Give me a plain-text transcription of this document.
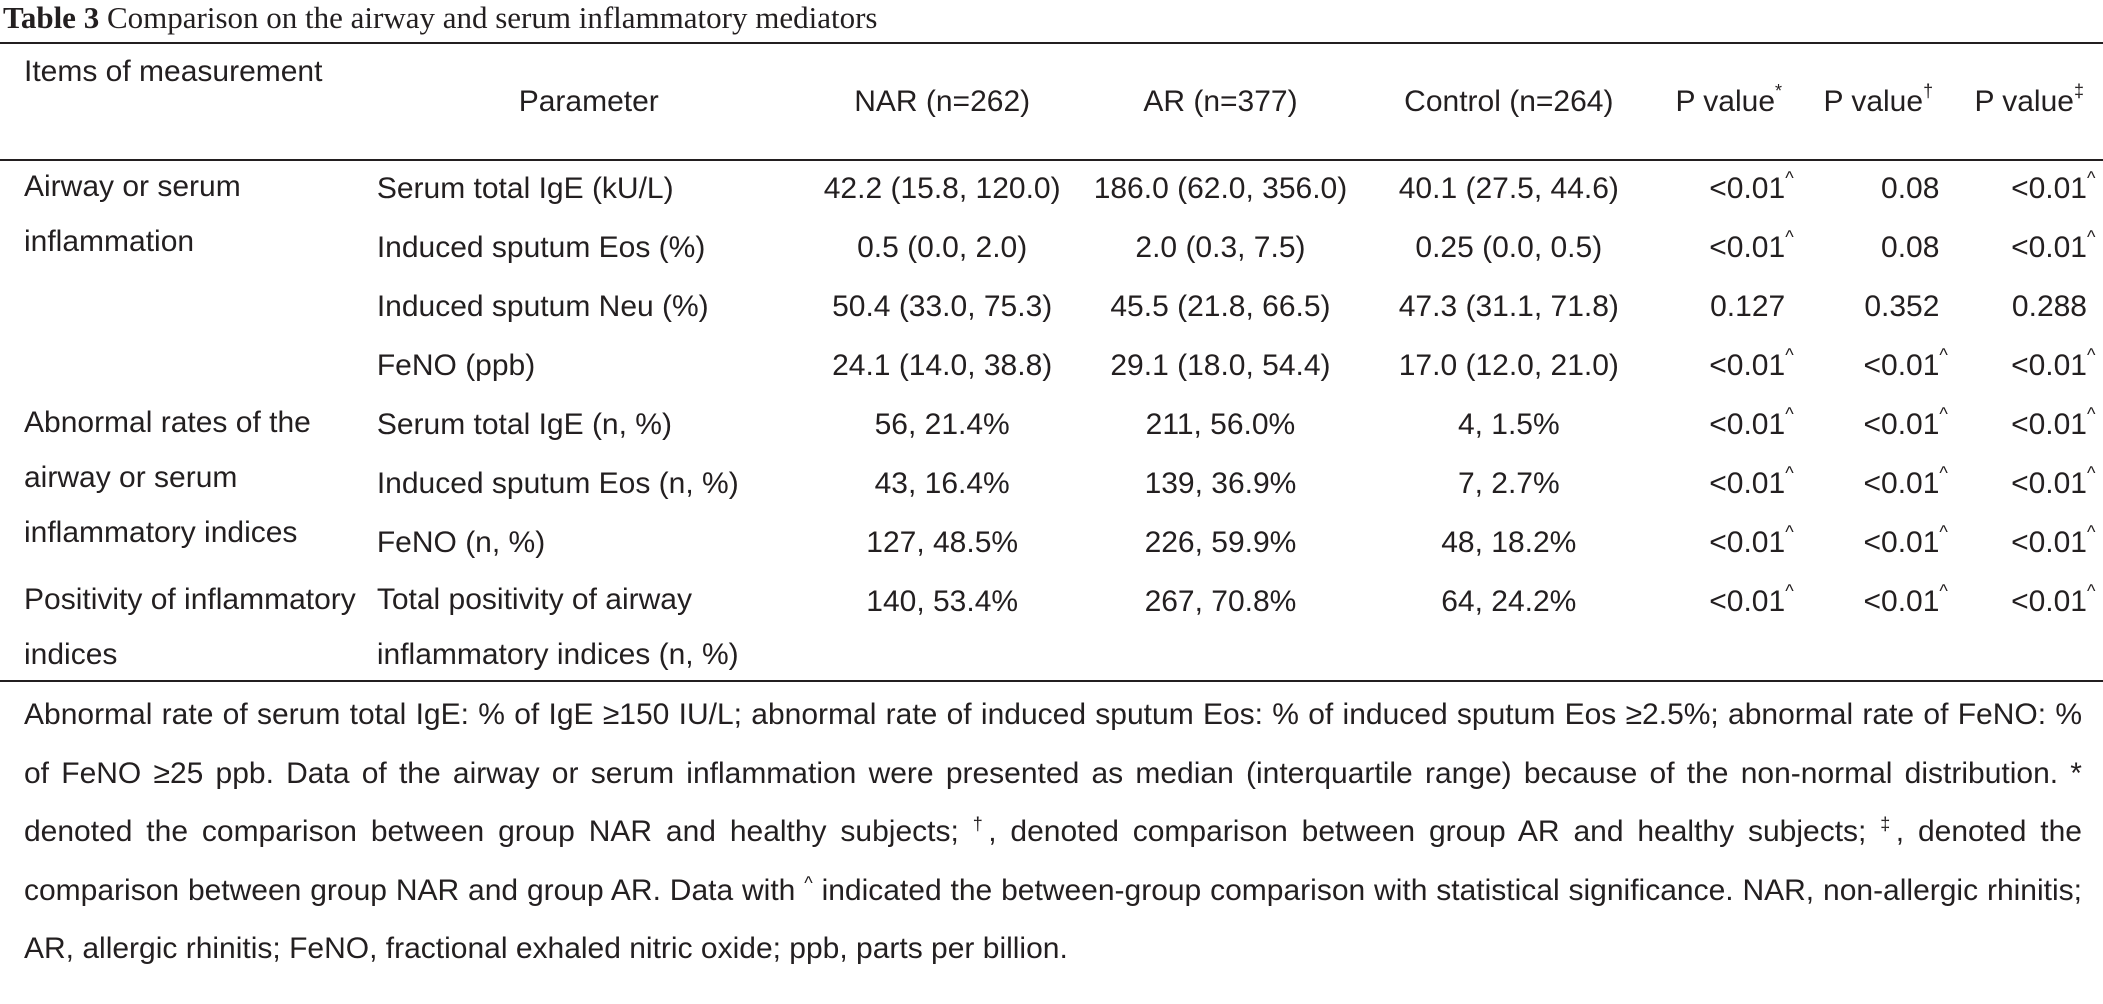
Table 3 Comparison on the airway and serum inflammatory mediators
Items of measurement	Parameter	NAR (n=262)	AR (n=377)	Control (n=264)	P value*	P value†	P value‡
Airway or serum inflammation	Serum total IgE (kU/L)	42.2 (15.8, 120.0)	186.0 (62.0, 356.0)	40.1 (27.5, 44.6)	<0.01^	0.08	<0.01^
	Induced sputum Eos (%)	0.5 (0.0, 2.0)	2.0 (0.3, 7.5)	0.25 (0.0, 0.5)	<0.01^	0.08	<0.01^
	Induced sputum Neu (%)	50.4 (33.0, 75.3)	45.5 (21.8, 66.5)	47.3 (31.1, 71.8)	0.127	0.352	0.288
	FeNO (ppb)	24.1 (14.0, 38.8)	29.1 (18.0, 54.4)	17.0 (12.0, 21.0)	<0.01^	<0.01^	<0.01^
Abnormal rates of the airway or serum inflammatory indices	Serum total IgE (n, %)	56, 21.4%	211, 56.0%	4, 1.5%	<0.01^	<0.01^	<0.01^
	Induced sputum Eos (n, %)	43, 16.4%	139, 36.9%	7, 2.7%	<0.01^	<0.01^	<0.01^
	FeNO (n, %)	127, 48.5%	226, 59.9%	48, 18.2%	<0.01^	<0.01^	<0.01^
Positivity of inflammatory indices	Total positivity of airway inflammatory indices (n, %)	140, 53.4%	267, 70.8%	64, 24.2%	<0.01^	<0.01^	<0.01^
Abnormal rate of serum total IgE: % of IgE ≥150 IU/L; abnormal rate of induced sputum Eos: % of induced sputum Eos ≥2.5%; abnormal rate of FeNO: % of FeNO ≥25 ppb. Data of the airway or serum inflammation were presented as median (interquartile range) because of the non-normal distribution. * denoted the comparison between group NAR and healthy subjects; †, denoted comparison between group AR and healthy subjects; ‡, denoted the comparison between group NAR and group AR. Data with ^ indicated the between-group comparison with statistical significance. NAR, non-allergic rhinitis; AR, allergic rhinitis; FeNO, fractional exhaled nitric oxide; ppb, parts per billion.
